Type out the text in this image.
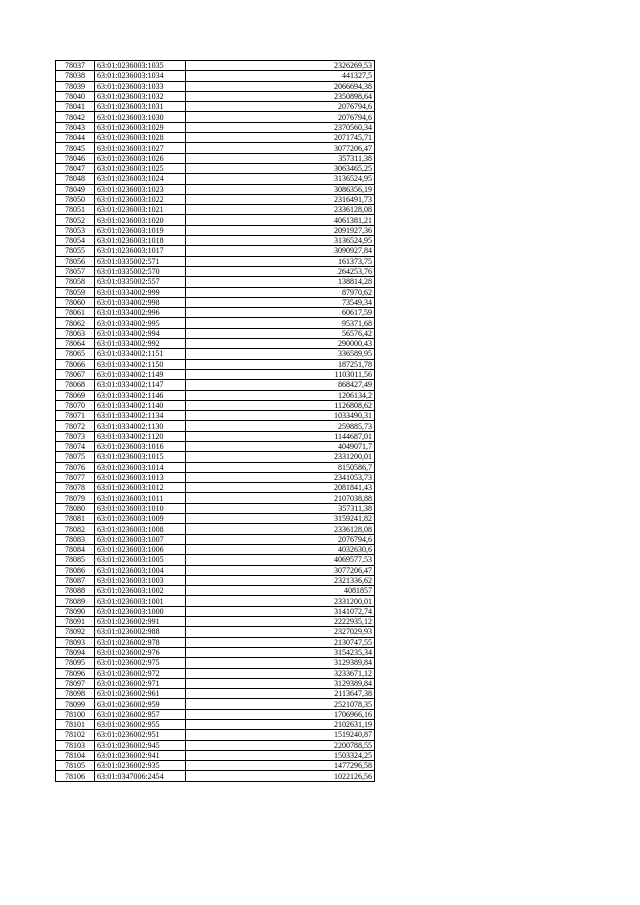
78037	63:01:0236003:1035	2326269,53
78038	63:01:0236003:1034	441327,5
78039	63:01:0236003:1033	2066694,38
78040	63:01:0236003:1032	2350898,64
78041	63:01:0236003:1031	2076794,6
78042	63:01:0236003:1030	2076794,6
78043	63:01:0236003:1029	2370560,34
78044	63:01:0236003:1028	2071745,71
78045	63:01:0236003:1027	3077206,47
78046	63:01:0236003:1026	357311,38
78047	63:01:0236003:1025	3063465,25
78048	63:01:0236003:1024	3136524,95
78049	63:01:0236003:1023	3086356,19
78050	63:01:0236003:1022	2316491,73
78051	63:01:0236003:1021	2336128,08
78052	63:01:0236003:1020	4061381,21
78053	63:01:0236003:1019	2091927,36
78054	63:01:0236003:1018	3136524,95
78055	63:01:0236003:1017	3090927,84
78056	63:01:0335002:571	161373,75
78057	63:01:0335002:570	264253,76
78058	63:01:0335002:557	138814,28
78059	63:01:0334002:999	87970,62
78060	63:01:0334002:998	73549,34
78061	63:01:0334002:996	60617,59
78062	63:01:0334002:995	95371,68
78063	63:01:0334002:994	56576,42
78064	63:01:0334002:992	290000,43
78065	63:01:0334002:1151	336589,95
78066	63:01:0334002:1150	187251,78
78067	63:01:0334002:1149	1103011,56
78068	63:01:0334002:1147	868427,49
78069	63:01:0334002:1146	1206134,2
78070	63:01:0334002:1140	1126808,62
78071	63:01:0334002:1134	1033490,31
78072	63:01:0334002:1130	259885,73
78073	63:01:0334002:1120	1144687,01
78074	63:01:0236003:1016	4049071,7
78075	63:01:0236003:1015	2331200,01
78076	63:01:0236003:1014	8150586,7
78077	63:01:0236003:1013	2341053,73
78078	63:01:0236003:1012	2081841,43
78079	63:01:0236003:1011	2107038,88
78080	63:01:0236003:1010	357311,38
78081	63:01:0236003:1009	3159241,82
78082	63:01:0236003:1008	2336128,08
78083	63:01:0236003:1007	2076794,6
78084	63:01:0236003:1006	4032630,6
78085	63:01:0236003:1005	4069577,53
78086	63:01:0236003:1004	3077206,47
78087	63:01:0236003:1003	2321336,62
78088	63:01:0236003:1002	4081857
78089	63:01:0236003:1001	2331200,01
78090	63:01:0236003:1000	3141072,74
78091	63:01:0236002:991	2222935,12
78092	63:01:0236002:988	2327029,93
78093	63:01:0236002:978	2130747,55
78094	63:01:0236002:976	3154235,34
78095	63:01:0236002:975	3129389,84
78096	63:01:0236002:972	3233671,12
78097	63:01:0236002:971	3129389,84
78098	63:01:0236002:961	2113647,38
78099	63:01:0236002:959	2521078,35
78100	63:01:0236002:957	1706966,16
78101	63:01:0236002:955	2102631,19
78102	63:01:0236002:951	1519240,87
78103	63:01:0236002:945	2200788,55
78104	63:01:0236002:941	1503324,25
78105	63:01:0236002:935	1477296,58
78106	63:01:0347006:2454	1022126,56
